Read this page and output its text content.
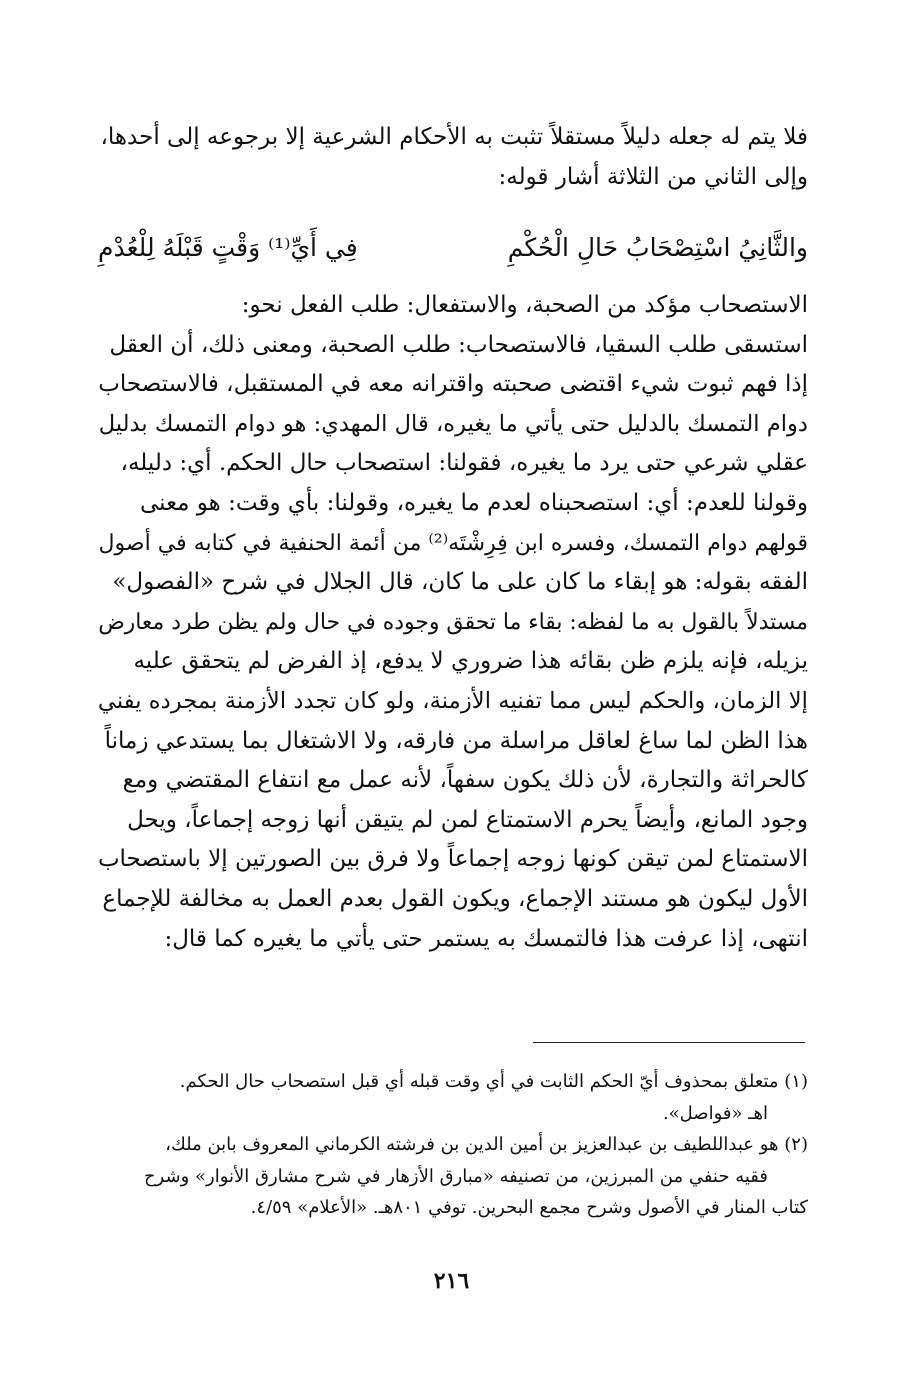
فلا يتم له جعله دليلاً مستقلاً تثبت به الأحكام الشرعية إلا برجوعه إلى أحدها،
وإلى الثاني من الثلاثة أشار قوله:
والثَّانِيُ اسْتِصْحَابُ حَالِ الْحُكْمِ
فِي أَيِّ⁽¹⁾ وَقْتٍ قَبْلَهُ لِلْعُدْمِ
الاستصحاب مؤكد من الصحبة، والاستفعال: طلب الفعل نحو:
استسقى طلب السقيا، فالاستصحاب: طلب الصحبة، ومعنى ذلك، أن العقل
إذا فهم ثبوت شيء اقتضى صحبته واقترانه معه في المستقبل، فالاستصحاب
دوام التمسك بالدليل حتى يأتي ما يغيره، قال المهدي: هو دوام التمسك بدليل
عقلي شرعي حتى يرد ما يغيره، فقولنا: استصحاب حال الحكم. أي: دليله،
وقولنا للعدم: أي: استصحبناه لعدم ما يغيره، وقولنا: بأي وقت: هو معنى
قولهم دوام التمسك، وفسره ابن فِرِشْتَه⁽²⁾ من أئمة الحنفية في كتابه في أصول
الفقه بقوله: هو إبقاء ما كان على ما كان، قال الجلال في شرح «الفصول»
مستدلاً بالقول به ما لفظه: بقاء ما تحقق وجوده في حال ولم يظن طرد معارض
يزيله، فإنه يلزم ظن بقائه هذا ضروري لا يدفع، إذ الفرض لم يتحقق عليه
إلا الزمان، والحكم ليس مما تفنيه الأزمنة، ولو كان تجدد الأزمنة بمجرده يفني
هذا الظن لما ساغ لعاقل مراسلة من فارقه، ولا الاشتغال بما يستدعي زماناً
كالحراثة والتجارة، لأن ذلك يكون سفهاً، لأنه عمل مع انتفاع المقتضي ومع
وجود المانع، وأيضاً يحرم الاستمتاع لمن لم يتيقن أنها زوجه إجماعاً، ويحل
الاستمتاع لمن تيقن كونها زوجه إجماعاً ولا فرق بين الصورتين إلا باستصحاب
الأول ليكون هو مستند الإجماع، ويكون القول بعدم العمل به مخالفة للإجماع
انتهى، إذا عرفت هذا فالتمسك به يستمر حتى يأتي ما يغيره كما قال:
(١) متعلق بمحذوف أيّ الحكم الثابت في أي وقت قبله أي قبل استصحاب حال الحكم.
اهـ «فواصل».
(٢) هو عبداللطيف بن عبدالعزيز بن أمين الدين بن فرشته الكرماني المعروف بابن ملك،
فقيه حنفي من المبرزين، من تصنيفه «مبارق الأزهار في شرح مشارق الأنوار» وشرح
كتاب المنار في الأصول وشرح مجمع البحرين. توفي ٨٠١هـ. «الأعلام» ٤/٥٩.
٢١٦
